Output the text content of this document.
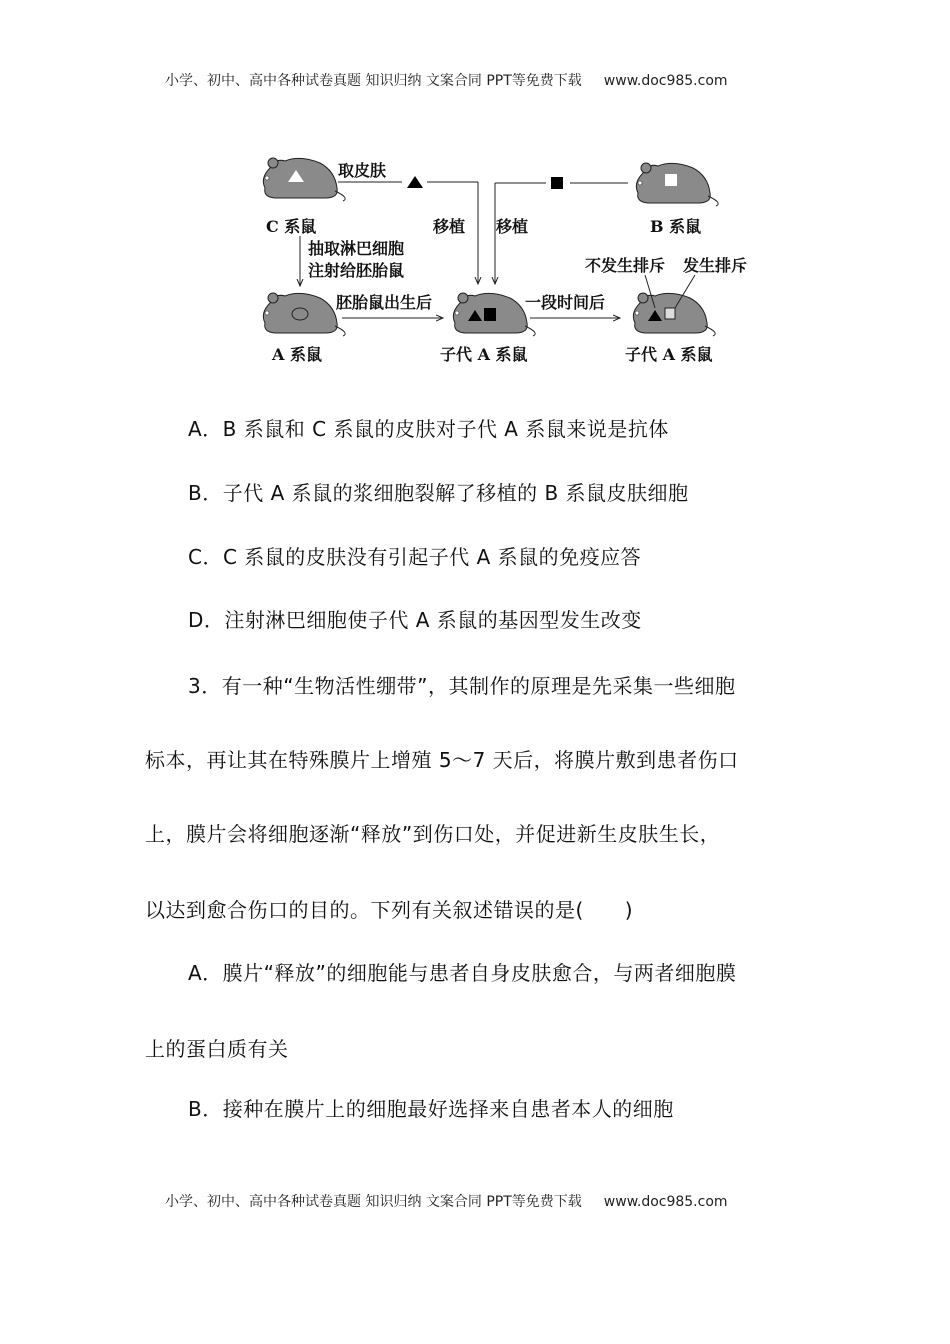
小学、初中、高中各种试卷真题 知识归纳 文案合同 PPT等免费下载 www.doc985.com
取皮肤
移植 移植
C 系鼠	B 系鼠
抽取淋巴细胞
注射给胚胎鼠
胚胎鼠出生后	一段时间后
不发生排斥 发生排斥
A 系鼠	子代 A 系鼠	子代 A 系鼠
A．B 系鼠和 C 系鼠的皮肤对子代 A 系鼠来说是抗体
B．子代 A 系鼠的浆细胞裂解了移植的 B 系鼠皮肤细胞
C．C 系鼠的皮肤没有引起子代 A 系鼠的免疫应答
D．注射淋巴细胞使子代 A 系鼠的基因型发生改变
3．有一种“生物活性绷带”，其制作的原理是先采集一些细胞
标本，再让其在特殊膜片上增殖 5～7 天后，将膜片敷到患者伤口
上，膜片会将细胞逐渐“释放”到伤口处，并促进新生皮肤生长，
以达到愈合伤口的目的。下列有关叙述错误的是(　　)
A．膜片“释放”的细胞能与患者自身皮肤愈合，与两者细胞膜
上的蛋白质有关
B．接种在膜片上的细胞最好选择来自患者本人的细胞
小学、初中、高中各种试卷真题 知识归纳 文案合同 PPT等免费下载 www.doc985.com
